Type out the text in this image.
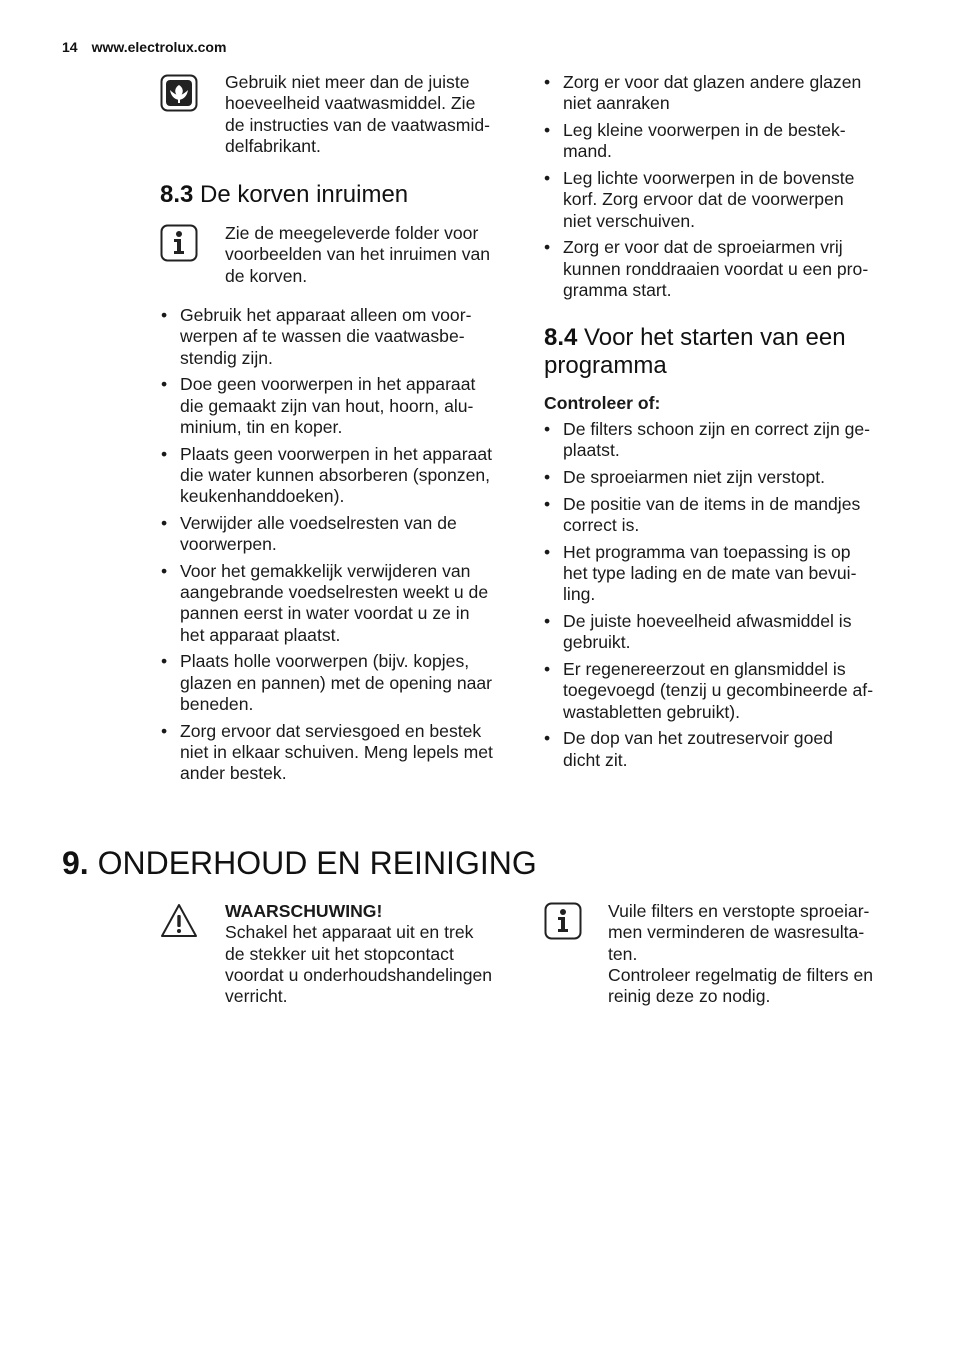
14 www.electrolux.com
Gebruik niet meer dan de juiste
hoeveelheid vaatwasmiddel. Zie
de instructies van de vaatwasmid-
delfabrikant.
8.3 De korven inruimen
Zie de meegeleverde folder voor
voorbeelden van het inruimen van
de korven.
• Gebruik het apparaat alleen om voor-
werpen af te wassen die vaatwasbe-
stendig zijn.
• Doe geen voorwerpen in het apparaat
die gemaakt zijn van hout, hoorn, alu-
minium, tin en koper.
• Plaats geen voorwerpen in het apparaat
die water kunnen absorberen (sponzen,
keukenhanddoeken).
• Verwijder alle voedselresten van de
voorwerpen.
• Voor het gemakkelijk verwijderen van
aangebrande voedselresten weekt u de
pannen eerst in water voordat u ze in
het apparaat plaatst.
• Plaats holle voorwerpen (bijv. kopjes,
glazen en pannen) met de opening naar
beneden.
• Zorg ervoor dat serviesgoed en bestek
niet in elkaar schuiven. Meng lepels met
ander bestek.
• Zorg er voor dat glazen andere glazen
niet aanraken
• Leg kleine voorwerpen in de bestek-
mand.
• Leg lichte voorwerpen in de bovenste
korf. Zorg ervoor dat de voorwerpen
niet verschuiven.
• Zorg er voor dat de sproeiarmen vrij
kunnen ronddraaien voordat u een pro-
gramma start.
8.4 Voor het starten van een
programma
Controleer of:
• De filters schoon zijn en correct zijn ge-
plaatst.
• De sproeiarmen niet zijn verstopt.
• De positie van de items in de mandjes
correct is.
• Het programma van toepassing is op
het type lading en de mate van bevui-
ling.
• De juiste hoeveelheid afwasmiddel is
gebruikt.
• Er regenereerzout en glansmiddel is
toegevoegd (tenzij u gecombineerde af-
wastabletten gebruikt).
• De dop van het zoutreservoir goed
dicht zit.
9. ONDERHOUD EN REINIGING
WAARSCHUWING!
Schakel het apparaat uit en trek
de stekker uit het stopcontact
voordat u onderhoudshandelingen
verricht.
Vuile filters en verstopte sproeiar-
men verminderen de wasresulta-
ten.
Controleer regelmatig de filters en
reinig deze zo nodig.
